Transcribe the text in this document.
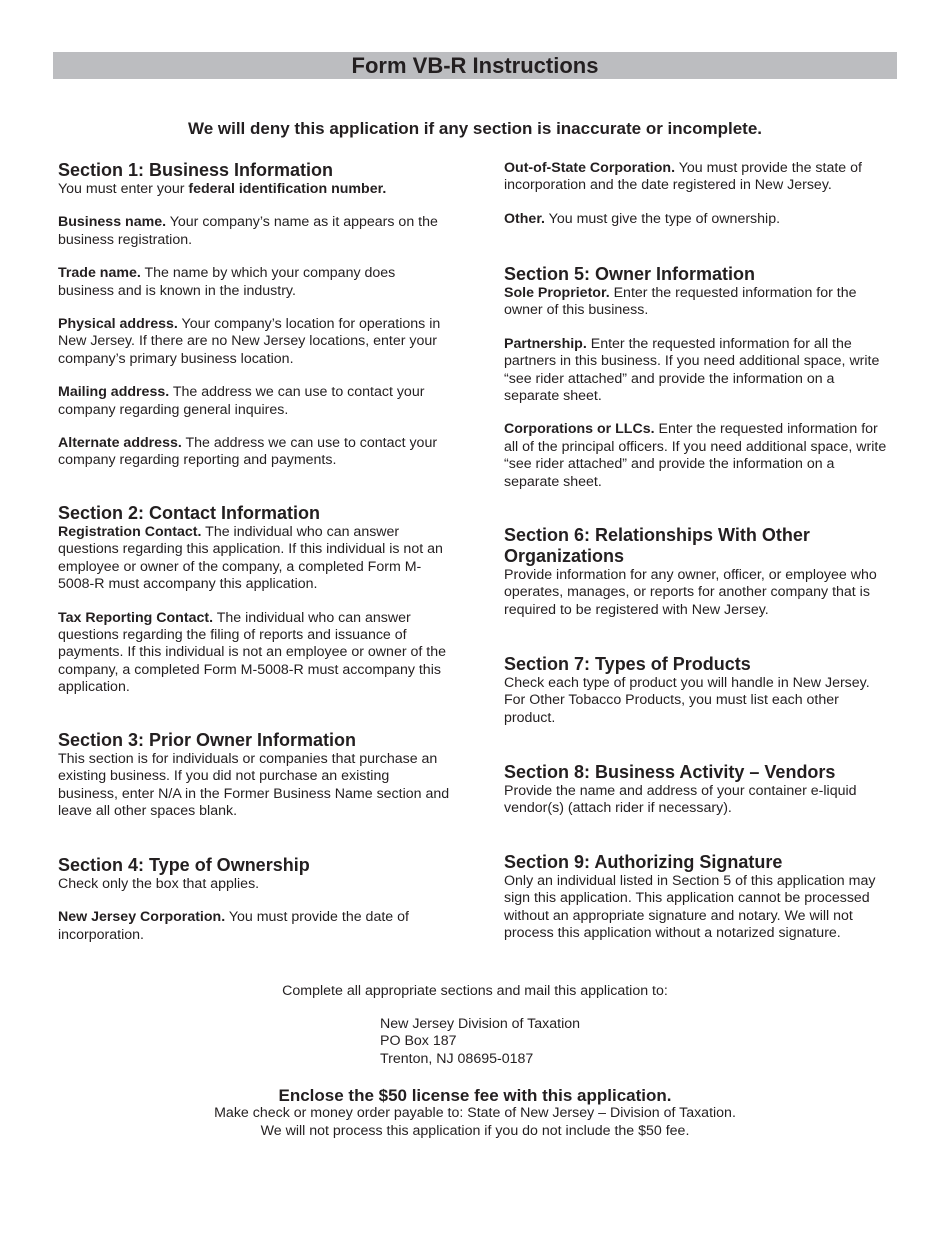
Form VB-R Instructions
We will deny this application if any section is inaccurate or incomplete.
Section 1: Business Information

You must enter your federal identification number.

Business name. Your company’s name as it appears on the business registration.

Trade name. The name by which your company does business and is known in the industry.

Physical address. Your company’s location for operations in New Jersey. If there are no New Jersey locations, enter your company’s primary business location.

Mailing address. The address we can use to contact your company regarding general inquires.

Alternate address. The address we can use to contact your company regarding reporting and payments.

Section 2: Contact Information

Registration Contact. The individual who can answer questions regarding this application. If this individual is not an employee or owner of the company, a completed Form M-5008-R must accompany this application.

Tax Reporting Contact. The individual who can answer questions regarding the filing of reports and issuance of payments. If this individual is not an employee or owner of the company, a completed Form M-5008-R must accompany this application.

Section 3: Prior Owner Information

This section is for individuals or companies that purchase an existing business. If you did not purchase an existing business, enter N/A in the Former Business Name section and leave all other spaces blank.

Section 4: Type of Ownership

Check only the box that applies.

New Jersey Corporation. You must provide the date of incorporation.

Out-of-State Corporation. You must provide the state of incorporation and the date registered in New Jersey.

Other. You must give the type of ownership.

Section 5: Owner Information

Sole Proprietor. Enter the requested information for the owner of this business.

Partnership. Enter the requested information for all the partners in this business. If you need additional space, write “see rider attached” and provide the information on a separate sheet.

Corporations or LLCs. Enter the requested information for all of the principal officers. If you need additional space, write “see rider attached” and provide the information on a separate sheet.

Section 6: Relationships With Other Organizations

Provide information for any owner, officer, or employee who operates, manages, or reports for another company that is required to be registered with New Jersey.

Section 7: Types of Products

Check each type of product you will handle in New Jersey. For Other Tobacco Products, you must list each other product.

Section 8: Business Activity – Vendors

Provide the name and address of your container e-liquid vendor(s) (attach rider if necessary).

Section 9: Authorizing Signature

Only an individual listed in Section 5 of this application may sign this application. This application cannot be processed without an appropriate signature and notary. We will not process this application without a notarized signature.

Complete all appropriate sections and mail this application to:
New Jersey Division of Taxation
PO Box 187
Trenton, NJ 08695-0187
Enclose the $50 license fee with this application.
Make check or money order payable to: State of New Jersey – Division of Taxation.
We will not process this application if you do not include the $50 fee.
